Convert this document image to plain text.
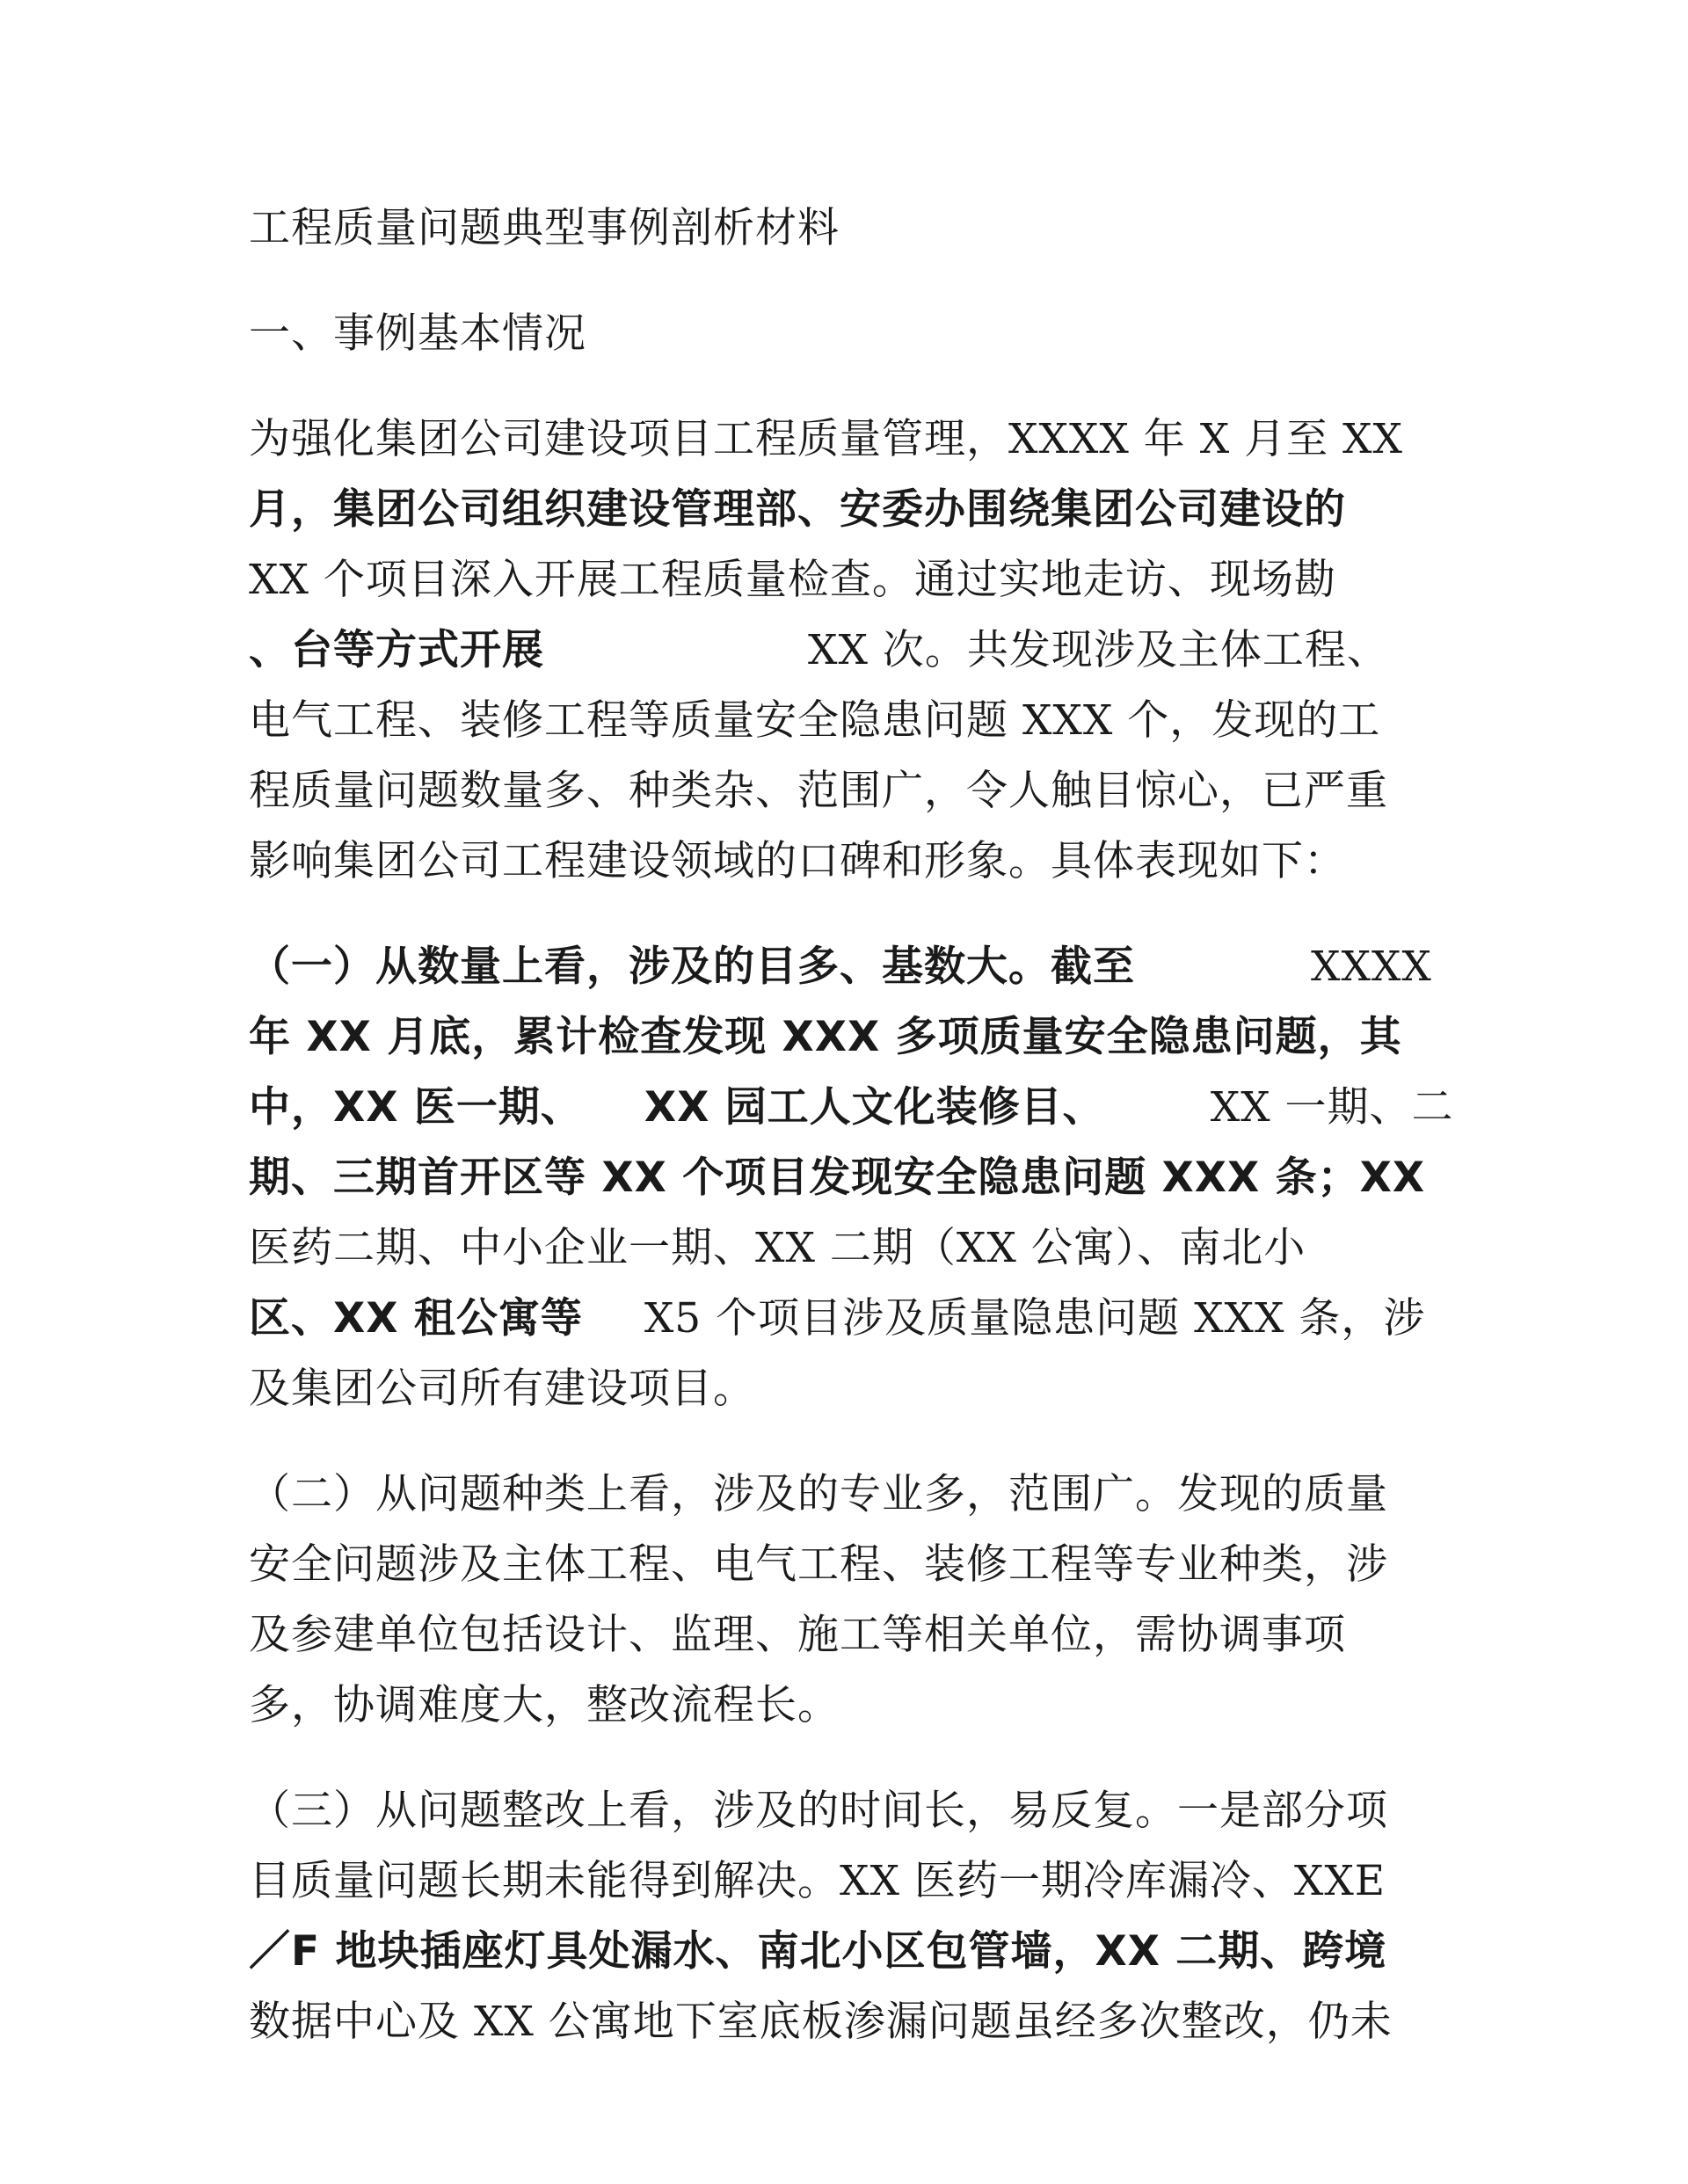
工程质量问题典型事例剖析材料
一、事例基本情况
为强化集团公司建设项目工程质量管理，XXXX 年 X 月至 XX
月，集团公司组织建设管理部、安委办围绕集团公司建设的
XX 个项目深入开展工程质量检查。通过实地走访、现场勘
、台等方式开展	XX 次。共发现涉及主体工程、
电气工程、装修工程等质量安全隐患问题 XXX 个，发现的工
程质量问题数量多、种类杂、范围广，令人触目惊心，已严重
影响集团公司工程建设领域的口碑和形象。具体表现如下：
（一）从数量上看，涉及的目多、基数大。截至	XXXX
年 XX 月底，累计检查发现 XXX 多项质量安全隐患问题，其
中，XX 医一期、 XX 园工人文化装修目、	XX 一期、二
期、三期首开区等 XX 个项目发现安全隐患问题 XXX 条；XX
医药二期、中小企业一期、XX 二期（XX 公寓）、南北小
区、XX 租公寓等 X5 个项目涉及质量隐患问题 XXX 条，涉
及集团公司所有建设项目。
（二）从问题种类上看，涉及的专业多，范围广。发现的质量
安全问题涉及主体工程、电气工程、装修工程等专业种类，涉
及参建单位包括设计、监理、施工等相关单位，需协调事项
多，协调难度大，整改流程长。
（三）从问题整改上看，涉及的时间长，易反复。一是部分项
目质量问题长期未能得到解决。XX 医药一期冷库漏冷、XXE
／F 地块插座灯具处漏水、南北小区包管墙，XX 二期、跨境
数据中心及 XX 公寓地下室底板渗漏问题虽经多次整改，仍未
